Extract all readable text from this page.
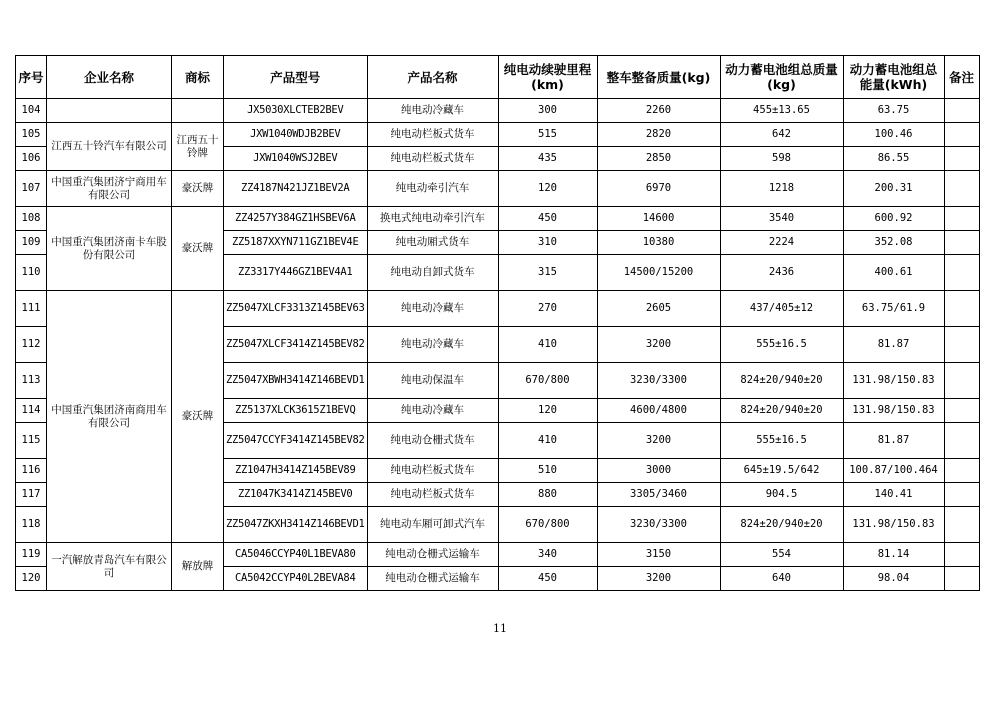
序号	企业名称	商标	产品型号	产品名称	纯电动续驶里程(km)	整车整备质量(kg)	动力蓄电池组总质量(kg)	动力蓄电池组总能量(kWh)	备注
104			JX5030XLCTEB2BEV	纯电动冷藏车	300	2260	455±13.65	63.75	
105	江西五十铃汽车有限公司	江西五十铃牌	JXW1040WDJB2BEV	纯电动栏板式货车	515	2820	642	100.46	
106			JXW1040WSJ2BEV	纯电动栏板式货车	435	2850	598	86.55	
107	中国重汽集团济宁商用车有限公司	豪沃牌	ZZ4187N421JZ1BEV2A	纯电动牵引汽车	120	6970	1218	200.31	
108	中国重汽集团济南卡车股份有限公司	豪沃牌	ZZ4257Y384GZ1HSBEV6A	换电式纯电动牵引汽车	450	14600	3540	600.92	
109			ZZ5187XXYN711GZ1BEV4E	纯电动厢式货车	310	10380	2224	352.08	
110			ZZ3317Y446GZ1BEV4A1	纯电动自卸式货车	315	14500/15200	2436	400.61	
111	中国重汽集团济南商用车有限公司	豪沃牌	ZZ5047XLCF3313Z145BEV63	纯电动冷藏车	270	2605	437/405±12	63.75/61.9	
112			ZZ5047XLCF3414Z145BEV82	纯电动冷藏车	410	3200	555±16.5	81.87	
113			ZZ5047XBWH3414Z146BEVD1	纯电动保温车	670/800	3230/3300	824±20/940±20	131.98/150.83	
114			ZZ5137XLCK3615Z1BEVQ	纯电动冷藏车	120	4600/4800	824±20/940±20	131.98/150.83	
115			ZZ5047CCYF3414Z145BEV82	纯电动仓栅式货车	410	3200	555±16.5	81.87	
116			ZZ1047H3414Z145BEV89	纯电动栏板式货车	510	3000	645±19.5/642	100.87/100.464	
117			ZZ1047K3414Z145BEV0	纯电动栏板式货车	880	3305/3460	904.5	140.41	
118			ZZ5047ZKXH3414Z146BEVD1	纯电动车厢可卸式汽车	670/800	3230/3300	824±20/940±20	131.98/150.83	
119	一汽解放青岛汽车有限公司	解放牌	CA5046CCYP40L1BEVA80	纯电动仓栅式运输车	340	3150	554	81.14	
120			CA5042CCYP40L2BEVA84	纯电动仓栅式运输车	450	3200	640	98.04	
11
